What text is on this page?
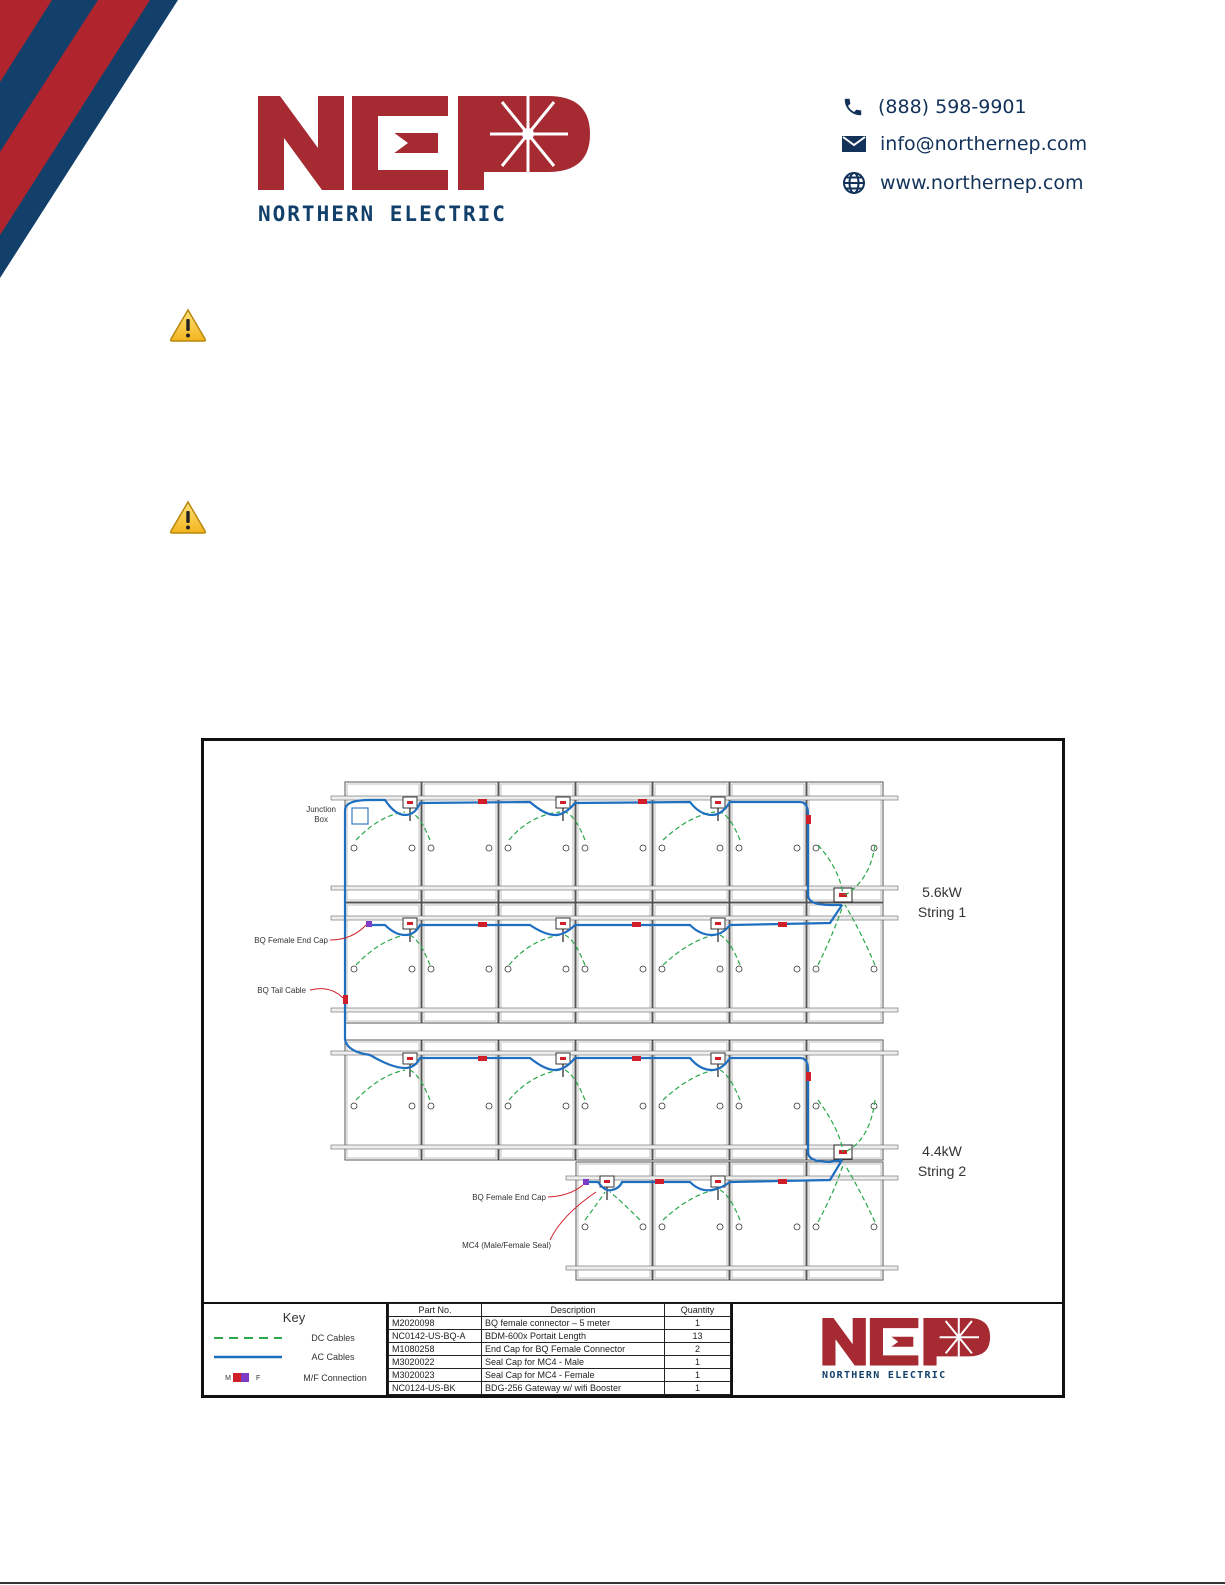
NORTHERN ELECTRIC
(888) 598-9901
info@northernep.com
www.northernep.com
Junction
Box
BQ Female End Cap
BQ Tail Cable
BQ Female End Cap
MC4 (Male/Female Seal)
5.6kW
String 1
4.4kW
String 2
Key
DC Cables
AC Cables
M	F	M/F Connection
Part No.	Description	Quantity
M2020098	BQ female connector – 5 meter	1
NC0142-US-BQ-A	BDM-600x Portait Length	13
M1080258	End Cap for BQ Female Connector	2
M3020022	Seal Cap for MC4 - Male	1
M3020023	Seal Cap for MC4 - Female	1
NC0124-US-BK	BDG-256 Gateway w/ wifi Booster	1
NORTHERN ELECTRIC
